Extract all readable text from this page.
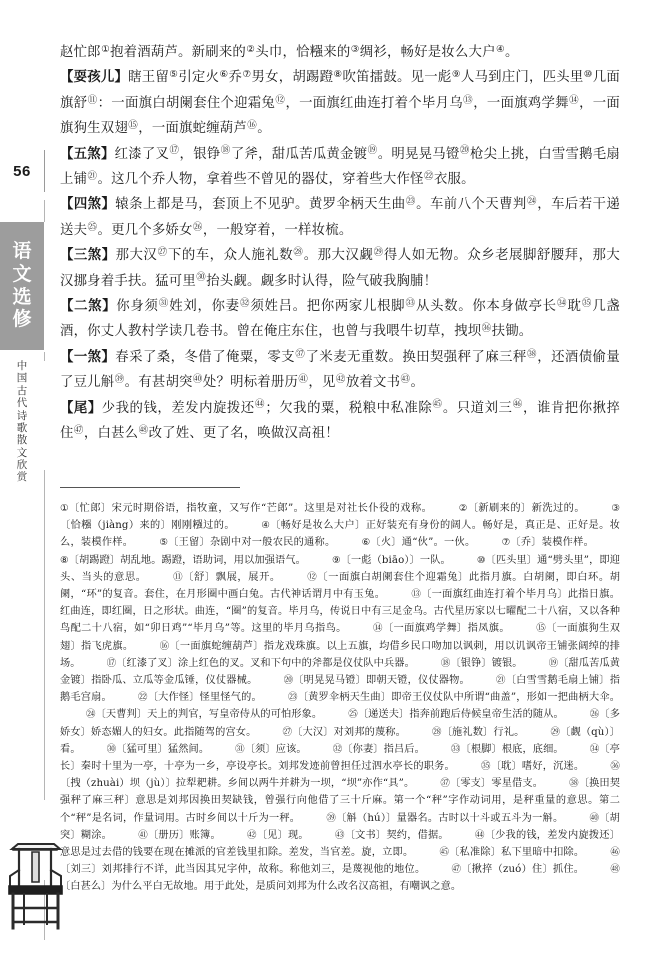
56
语
文
选
修
中
国
古
代
诗
歌
散
文
欣
赏

赵忙郎①抱着酒葫芦。新刷来的②头巾，恰糨来的③绸衫，畅好是妆么大户④。

【耍孩儿】瞎王留⑤引定火⑥乔⑦男女，胡踢蹬⑧吹笛擂鼓。见一彪⑨人马到庄门，匹头里⑩几面旗舒⑪：一面旗白胡阑套住个迎霜兔⑫，一面旗红曲连打着个毕月乌⑬，一面旗鸡学舞⑭，一面旗狗生双翅⑮，一面旗蛇缠葫芦⑯。

【五煞】红漆了叉⑰，银铮⑱了斧，甜瓜苦瓜黄金镀⑲。明晃晃马镫⑳枪尖上挑，白雪雪鹅毛扇上铺$^㉑$。这几个乔人物，拿着些不曾见的器仗，穿着些大作怪$^㉒$衣服。

【四煞】辕条上都是马，套顶上不见驴。黄罗伞柄天生曲$^㉓$。车前八个天曹判$^㉔$，车后若干递送夫$^㉕$。更几个多娇女$^㉖$，一般穿着，一样妆梳。

【三煞】那大汉$^㉗$下的车，众人施礼数$^㉘$。那大汉觑$^㉙$得人如无物。众乡老展脚舒腰拜，那大汉挪身着手扶。猛可里$^㉚$抬头觑。觑多时认得，险气破我胸脯！

【二煞】你身须$^㉛$姓刘，你妻$^㉜$须姓吕。把你两家儿根脚$^㉝$从头数。你本身做亭长$^㉞$耽$^㉟$几盏酒，你丈人教村学读几卷书。曾在俺庄东住，也曾与我喂牛切草，拽坝$^㊱$扶锄。

【一煞】春采了桑，冬借了俺粟，零支$^㊲$了米麦无重数。换田契强秤了麻三秤$^㊳$，还酒债偷量了豆儿斛$^㊴$。有甚胡突$^㊵$处？明标着册历$^㊶$，见$^㊷$放着文书$^㊸$。

【尾】少我的钱，差发内旋拨还$^㊹$；欠我的粟，税粮中私准除$^㊺$。只道刘三$^㊻$，谁肯把你揪捽住$^㊼$，白甚么$^㊽$改了姓、更了名，唤做汉高祖！

①〔忙郎〕宋元时期俗语，指牧童，又写作“芒郎”。这里是对社长仆役的戏称。	②〔新刷来的〕新洗过的。	③〔恰糨（jiàng）来的〕刚刚糨过的。	④〔畅好是妆么大户〕正好装充有身份的阔人。畅好是，真正是、正好是。妆么，装模作样。	⑤〔王留〕杂剧中对一般农民的通称。	⑥〔火〕通“伙”。一伙。	⑦〔乔〕装模作样。 ⑧〔胡踢蹬〕胡乱地。踢蹬，语助词，用以加强语气。	⑨〔一彪（biāo）〕一队。	⑩〔匹头里〕通“劈头里”，即迎头、当头的意思。	⑪〔舒〕飘展，展开。	⑫〔一面旗白胡阑套住个迎霜兔〕此指月旗。白胡阑，即白环。胡阑，“环”的复音。套住，在月形圈中画白兔。古代神话谓月中有玉兔。	⑬〔一面旗红曲连打着个毕月乌〕此指日旗。红曲连，即红圈，日之形状。曲连，“圈”的复音。毕月乌，传说日中有三足金乌。古代星历家以七曜配二十八宿，又以各种鸟配二十八宿，如“卯日鸡”“毕月乌”等。这里的毕月乌指鸟。	⑭〔一面旗鸡学舞〕指凤旗。	⑮〔一面旗狗生双翅〕指飞虎旗。	⑯〔一面旗蛇缠葫芦〕指龙戏珠旗。以上五旗，均借乡民口吻加以讽刺，用以讥讽帝王铺张阔绰的排场。	⑰〔红漆了叉〕涂上红色的叉。叉和下句中的斧都是仪仗队中兵器。	⑱〔银铮〕镀银。	⑲〔甜瓜苦瓜黄金镀〕指卧瓜、立瓜等金瓜锤，仪仗器械。	⑳〔明晃晃马镫〕即朝天镫，仪仗器物。	㉑〔白雪雪鹅毛扇上铺〕指鹅毛宫扇。	㉒〔大作怪〕怪里怪气的。	㉓〔黄罗伞柄天生曲〕即帝王仪仗队中所谓“曲盖”，形如一把曲柄大伞。 ㉔〔天曹判〕天上的判官，写皇帝侍从的可怕形象。	㉕〔递送夫〕指奔前跑后侍候皇帝生活的随从。	㉖〔多娇女〕娇态媚人的妇女。此指随驾的宫女。	㉗〔大汉〕对刘邦的蔑称。	㉘〔施礼数〕行礼。	㉙〔觑（qù）〕看。	㉚〔猛可里〕猛然间。	㉛〔须〕应该。	㉜〔你妻〕指吕后。	㉝〔根脚〕根底，底细。	㉞〔亭长〕秦时十里为一亭，十亭为一乡，亭设亭长。刘邦发迹前曾担任过泗水亭长的职务。	㉟〔耽〕嗜好，沉迷。	㊱〔拽（zhuài）坝（jù）〕拉犁耙耕。乡间以两牛并耕为一坝，“坝”亦作“具”。	㊲〔零支〕零星借支。	㊳〔换田契强秤了麻三秤〕意思是刘邦因换田契缺钱，曾强行向他借了三十斤麻。第一个“秤”字作动词用，是秤重量的意思。第二个“秤”是名词，作量词用。古时乡间以十斤为一秤。	㊴〔斛（hú）〕量器名。古时以十斗或五斗为一斛。	㊵〔胡突〕糊涂。	㊶〔册历〕账簿。	㊷〔见〕现。	㊸〔文书〕契约，借据。	㊹〔少我的钱，差发内旋拨还〕意思是过去借的钱要在现在摊派的官差钱里扣除。差发，当官差。旋，立即。	㊺〔私准除〕私下里暗中扣除。	㊻〔刘三〕刘邦排行不详，此当因其兄字仲，故称。称他刘三，是蔑视他的地位。	㊼〔揪捽（zuó）住〕抓住。	㊽〔白甚么〕为什么平白无故地。用于此处，是质问刘邦为什么改名汉高祖，有嘲讽之意。
